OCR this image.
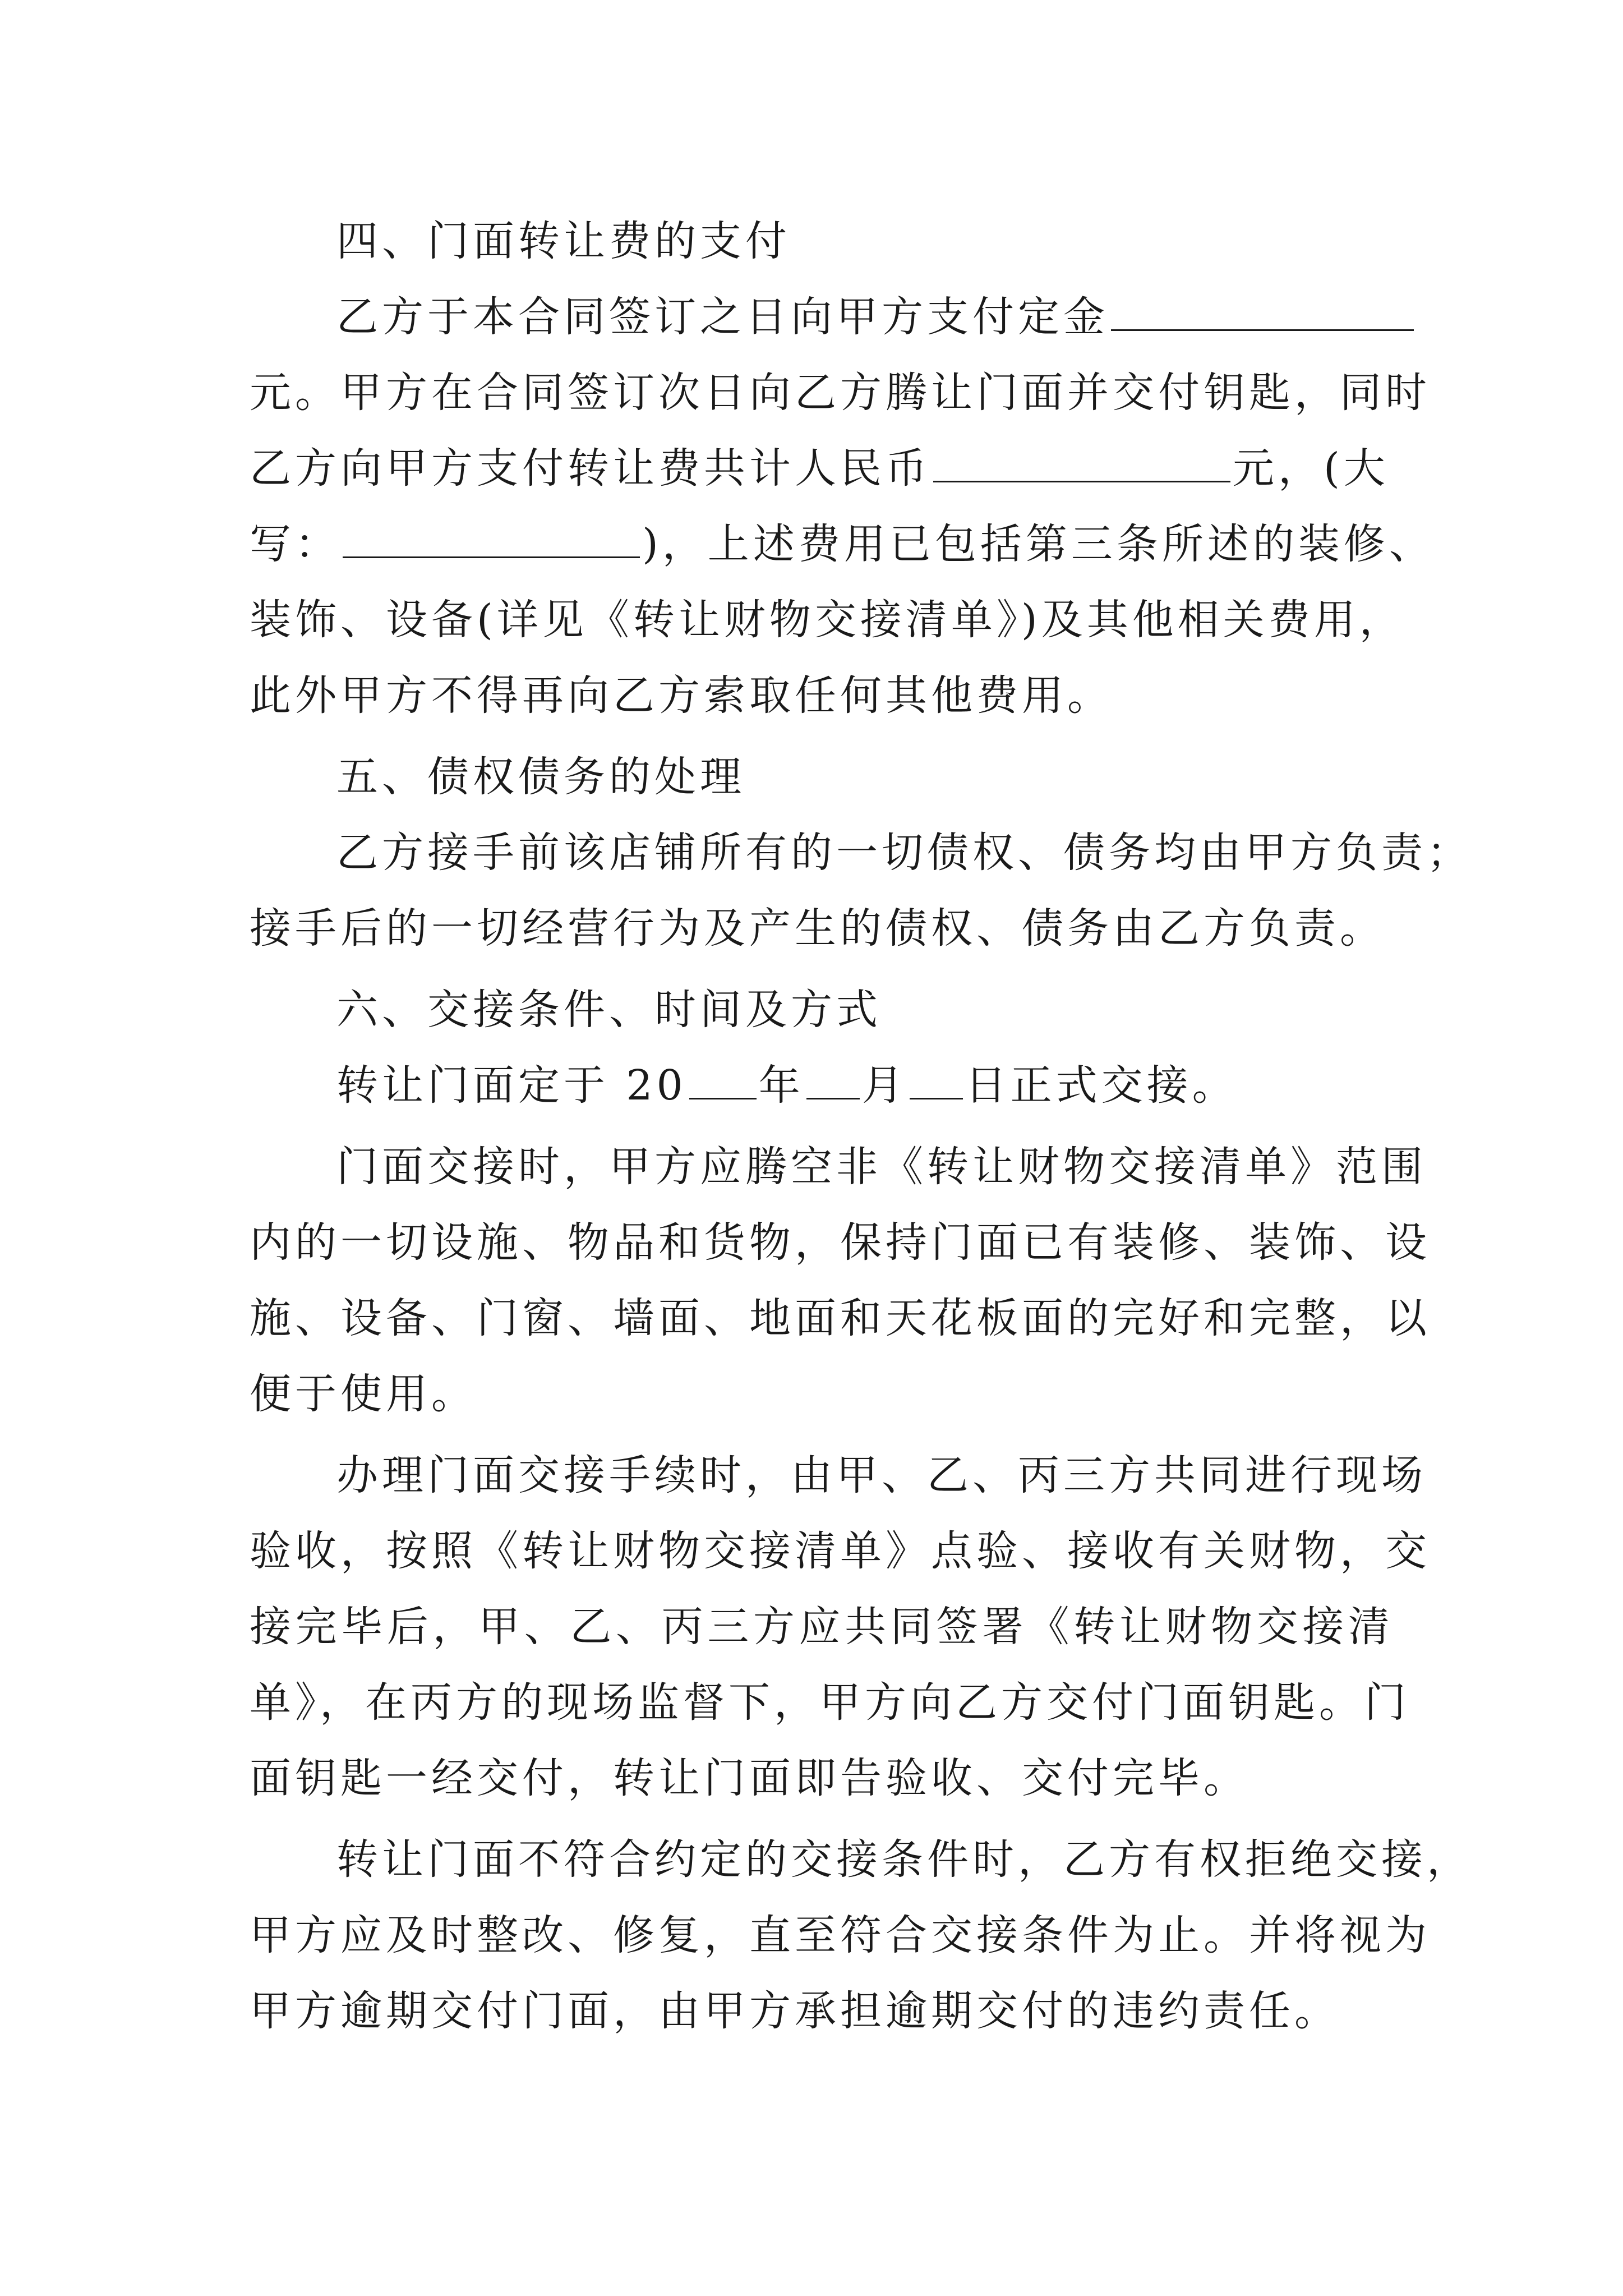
四、门面转让费的支付
乙方于本合同签订之日向甲方支付定金
元。甲方在合同签订次日向乙方腾让门面并交付钥匙，同时
乙方向甲方支付转让费共计人民币	元，(大
写：	)，上述费用已包括第三条所述的装修、
装饰、设备(详见《转让财物交接清单》)及其他相关费用，
此外甲方不得再向乙方索取任何其他费用。
五、债权债务的处理
乙方接手前该店铺所有的一切债权、债务均由甲方负责；
接手后的一切经营行为及产生的债权、债务由乙方负责。
六、交接条件、时间及方式
转让门面定于 20 年 月 日正式交接。
门面交接时，甲方应腾空非《转让财物交接清单》范围
内的一切设施、物品和货物，保持门面已有装修、装饰、设
施、设备、门窗、墙面、地面和天花板面的完好和完整，以
便于使用。
办理门面交接手续时，由甲、乙、丙三方共同进行现场
验收，按照《转让财物交接清单》点验、接收有关财物，交
接完毕后，甲、乙、丙三方应共同签署《转让财物交接清
单》，在丙方的现场监督下，甲方向乙方交付门面钥匙。门
面钥匙一经交付，转让门面即告验收、交付完毕。
转让门面不符合约定的交接条件时，乙方有权拒绝交接，
甲方应及时整改、修复，直至符合交接条件为止。并将视为
甲方逾期交付门面，由甲方承担逾期交付的违约责任。
